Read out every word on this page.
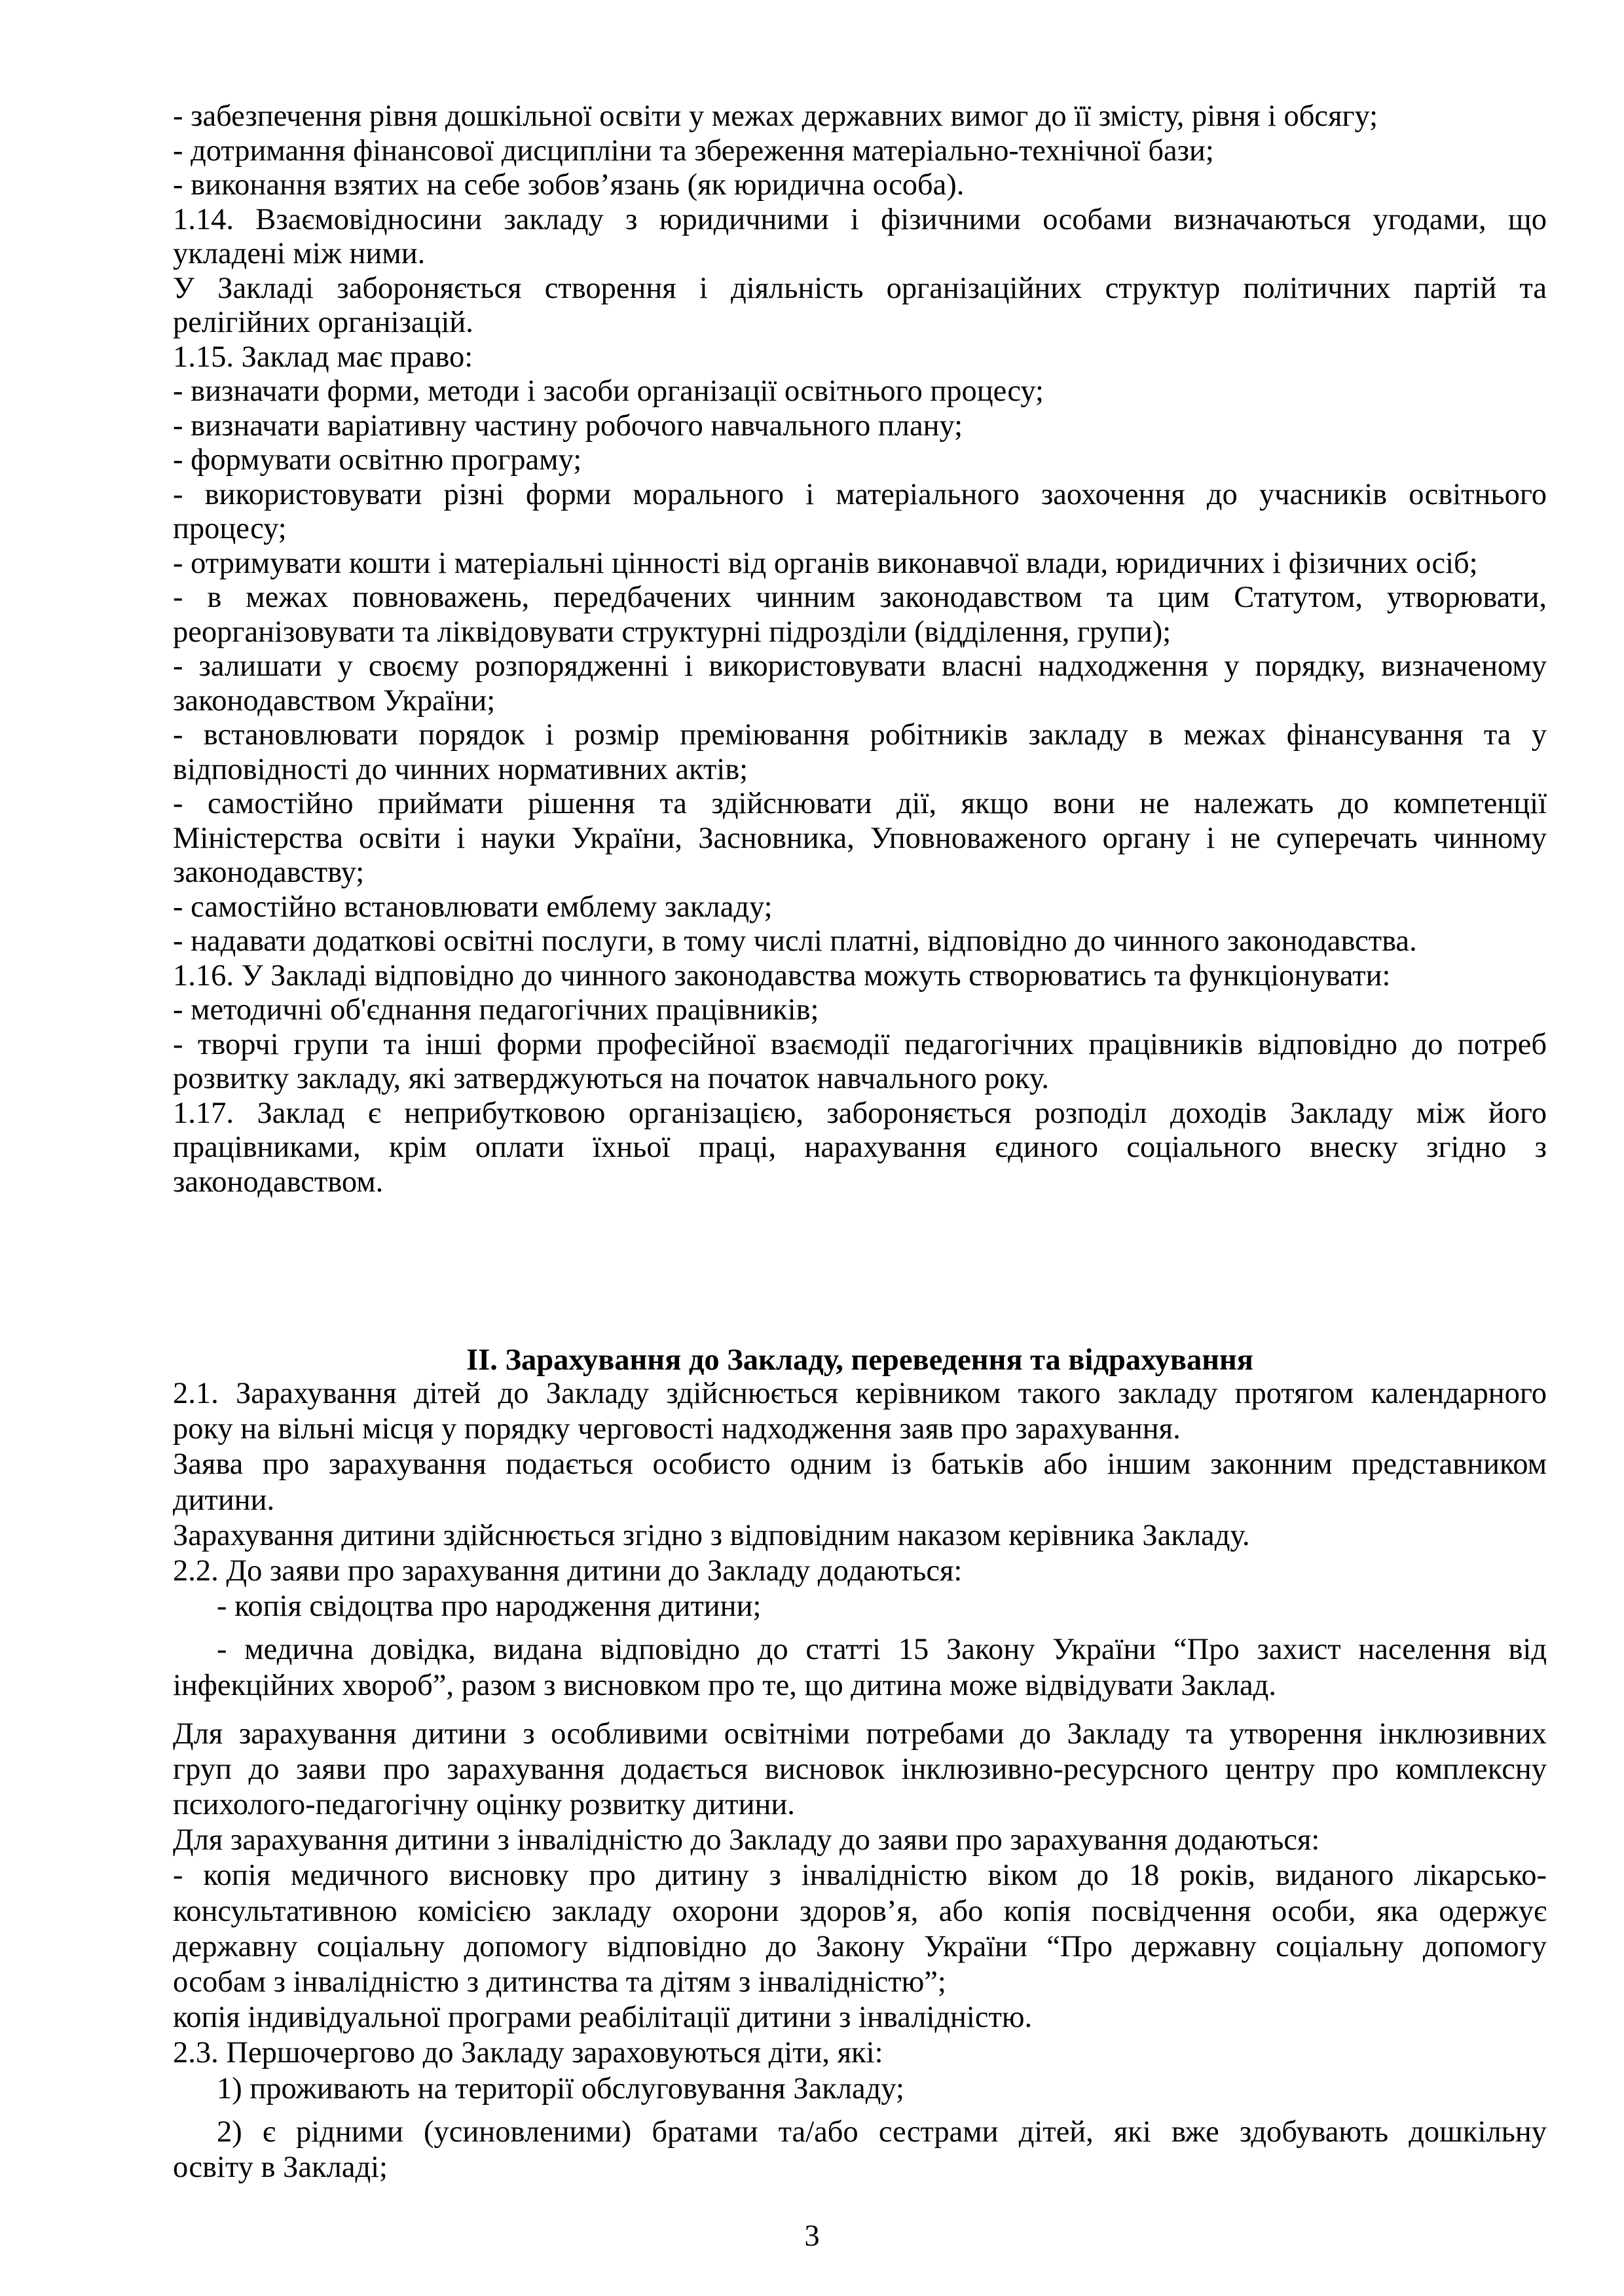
- забезпечення рівня дошкільної освіти у межах державних вимог до її змісту, рівня і обсягу;
- дотримання фінансової дисципліни та збереження матеріально-технічної бази;
- виконання взятих на себе зобов’язань (як юридична особа).
1.14. Взаємовідносини закладу з юридичними і фізичними особами визначаються угодами, що
укладені між ними.
У Закладі забороняється створення і діяльність організаційних структур політичних партій та
релігійних організацій.
1.15. Заклад має право:
- визначати форми, методи і засоби організації освітнього процесу;
- визначати варіативну частину робочого навчального плану;
- формувати освітню програму;
- використовувати різні форми морального і матеріального заохочення до учасників освітнього
процесу;
- отримувати кошти і матеріальні цінності від органів виконавчої влади, юридичних і фізичних осіб;
- в межах повноважень, передбачених чинним законодавством та цим Статутом, утворювати,
реорганізовувати та ліквідовувати структурні підрозділи (відділення, групи);
- залишати у своєму розпорядженні і використовувати власні надходження у порядку, визначеному
законодавством України;
- встановлювати порядок і розмір преміювання робітників закладу в межах фінансування та у
відповідності до чинних нормативних актів;
- самостійно приймати рішення та здійснювати дії, якщо вони не належать до компетенції
Міністерства освіти і науки України, Засновника, Уповноваженого органу і не суперечать чинному
законодавству;
- самостійно встановлювати емблему закладу;
- надавати додаткові освітні послуги, в тому числі платні, відповідно до чинного законодавства.
1.16. У Закладі відповідно до чинного законодавства можуть створюватись та функціонувати:
- методичні об'єднання педагогічних працівників;
- творчі групи та інші форми професійної взаємодії педагогічних працівників відповідно до потреб
розвитку закладу, які затверджуються на початок навчального року.
1.17. Заклад є неприбутковою організацією, забороняється розподіл доходів Закладу між його
працівниками, крім оплати їхньої праці, нарахування єдиного соціального внеску згідно з
законодавством.
ІІ. Зарахування до Закладу, переведення та відрахування
2.1. Зарахування дітей до Закладу здійснюється керівником такого закладу протягом календарного
року на вільні місця у порядку черговості надходження заяв про зарахування.
Заява про зарахування подається особисто одним із батьків або іншим законним представником
дитини.
Зарахування дитини здійснюється згідно з відповідним наказом керівника Закладу.
2.2. До заяви про зарахування дитини до Закладу додаються:
- копія свідоцтва про народження дитини;
- медична довідка, видана відповідно до статті 15 Закону України “Про захист населення від
інфекційних хвороб”, разом з висновком про те, що дитина може відвідувати Заклад.
Для зарахування дитини з особливими освітніми потребами до Закладу та утворення інклюзивних
груп до заяви про зарахування додається висновок інклюзивно-ресурсного центру про комплексну
психолого-педагогічну оцінку розвитку дитини.
Для зарахування дитини з інвалідністю до Закладу до заяви про зарахування додаються:
- копія медичного висновку про дитину з інвалідністю віком до 18 років, виданого лікарсько-
консультативною комісією закладу охорони здоров’я, або копія посвідчення особи, яка одержує
державну соціальну допомогу відповідно до Закону України “Про державну соціальну допомогу
особам з інвалідністю з дитинства та дітям з інвалідністю”;
копія індивідуальної програми реабілітації дитини з інвалідністю.
2.3. Першочергово до Закладу зараховуються діти, які:
1) проживають на території обслуговування Закладу;
2) є рідними (усиновленими) братами та/або сестрами дітей, які вже здобувають дошкільну
освіту в Закладі;
3
